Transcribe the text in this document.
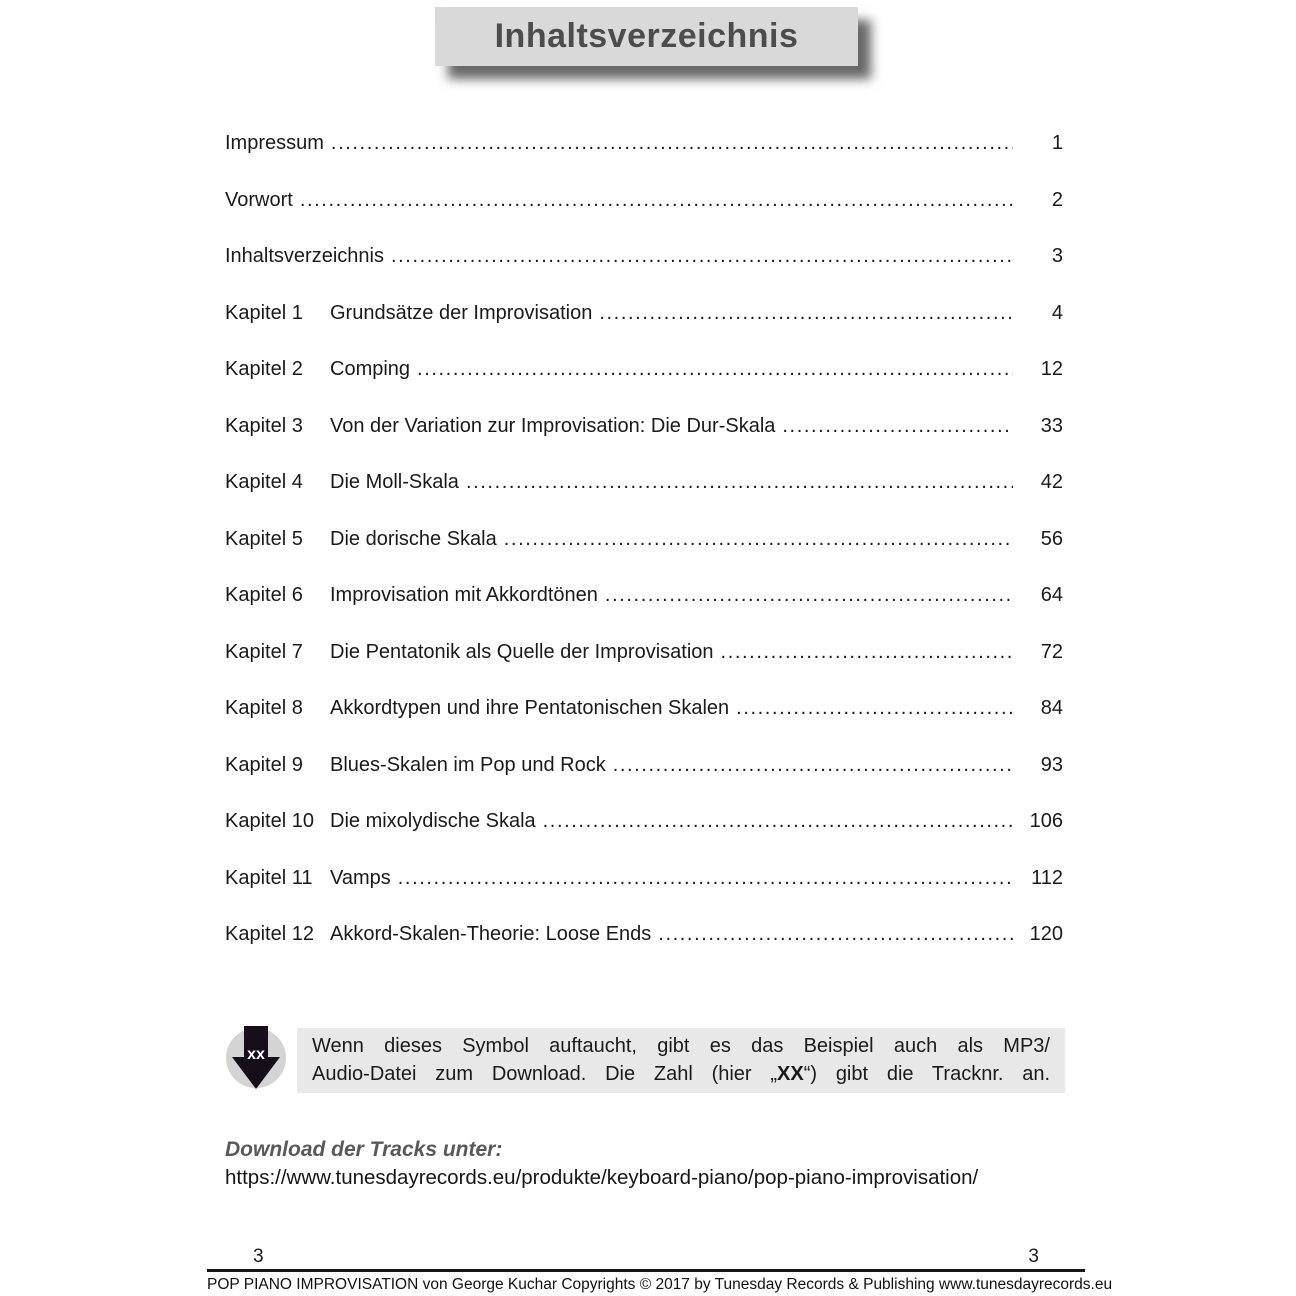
Inhaltsverzeichnis
Impressum .....	1
Vorwort .....	2
Inhaltsverzeichnis .....	3
Kapitel 1	Grundsätze der Improvisation .....	4
Kapitel 2	Comping .....	12
Kapitel 3	Von der Variation zur Improvisation: Die Dur-Skala .....	33
Kapitel 4	Die Moll-Skala .....	42
Kapitel 5	Die dorische Skala .....	56
Kapitel 6	Improvisation mit Akkordtönen .....	64
Kapitel 7	Die Pentatonik als Quelle der Improvisation .....	72
Kapitel 8	Akkordtypen und ihre Pentatonischen Skalen .....	84
Kapitel 9	Blues-Skalen im Pop und Rock .....	93
Kapitel 10 Die mixolydische Skala .....	106
Kapitel 11 Vamps .....	112
Kapitel 12 Akkord-Skalen-Theorie: Loose Ends .....	120
xx Wenn dieses Symbol auftaucht, gibt es das Beispiel auch als MP3/
Audio-Datei zum Download. Die Zahl (hier „XX“) gibt die Tracknr. an.
Download der Tracks unter:
https://www.tunesdayrecords.eu/produkte/keyboard-piano/pop-piano-improvisation/
3	3
POP PIANO IMPROVISATION von George Kuchar Copyrights © 2017 by Tunesday Records & Publishing www.tunesdayrecords.eu
